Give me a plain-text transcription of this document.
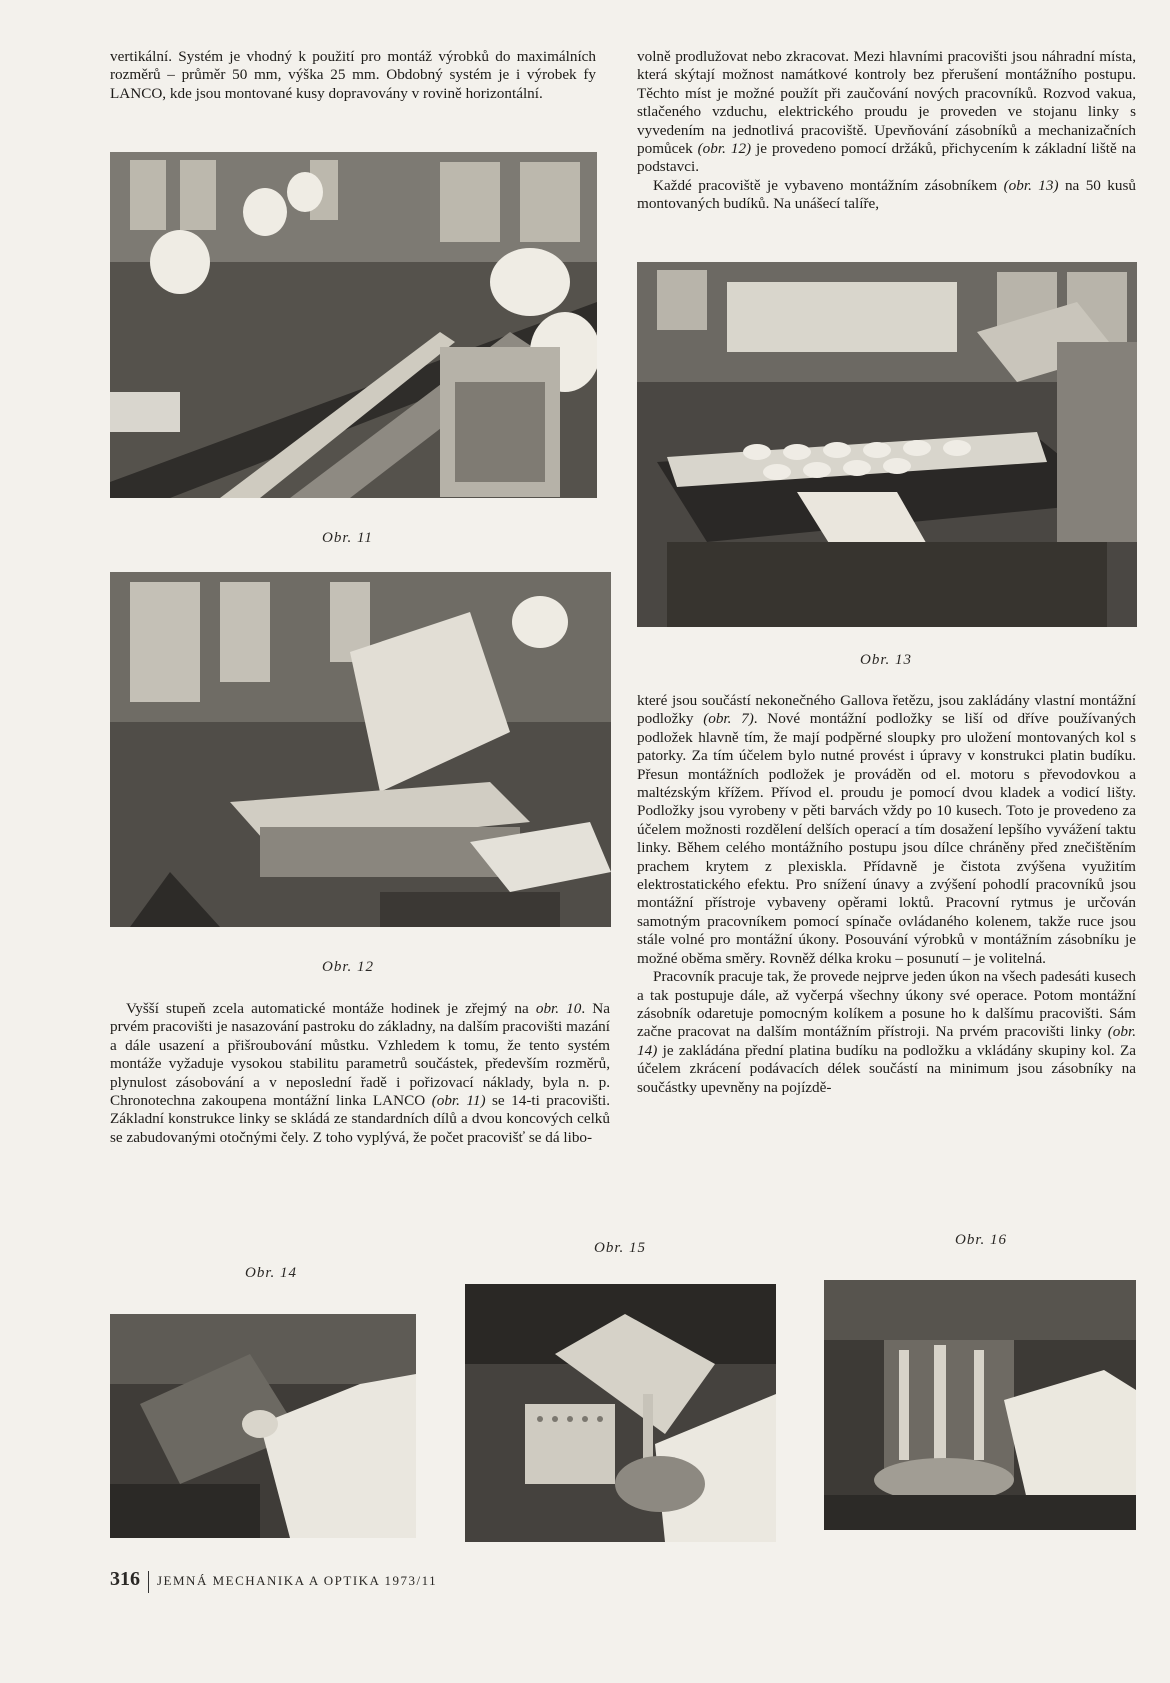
vertikální. Systém je vhodný k použití pro montáž výrobků do maximálních rozměrů – průměr 50 mm, výška 25 mm. Obdobný systém je i výrobek fy LANCO, kde jsou montované kusy dopravovány v rovině horizontální.

volně prodlužovat nebo zkracovat. Mezi hlavními pracovišti jsou náhradní místa, která skýtají možnost namátkové kontroly bez přerušení montážního postupu. Těchto míst je možné použít při zaučování nových pracovníků. Rozvod vakua, stlačeného vzduchu, elektrického proudu je proveden ve stojanu linky s vyvedením na jednotlivá pracoviště. Upevňování zásobníků a mechanizačních pomůcek (obr. 12) je provedeno pomocí držáků, přichycením k základní liště na podstavci.

Každé pracoviště je vybaveno montážním zásobníkem (obr. 13) na 50 kusů montovaných budíků. Na unášecí talíře,

Obr. 11
Obr. 13
Obr. 12

Vyšší stupeň zcela automatické montáže hodinek je zřejmý na obr. 10. Na prvém pracovišti je nasazování pastroku do základny, na dalším pracovišti mazání a dále usazení a přišroubování můstku. Vzhledem k tomu, že tento systém montáže vyžaduje vysokou stabilitu parametrů součástek, především rozměrů, plynulost zásobování a v neposlední řadě i pořizovací náklady, byla n. p. Chronotechna zakoupena montážní linka LANCO (obr. 11) se 14-ti pracovišti. Základní konstrukce linky se skládá ze standardních dílů a dvou koncových celků se zabudovanými otočnými čely. Z toho vyplývá, že počet pracovišť se dá libo-

které jsou součástí nekonečného Gallova řetězu, jsou zakládány vlastní montážní podložky (obr. 7). Nové montážní podložky se liší od dříve používaných podložek hlavně tím, že mají podpěrné sloupky pro uložení montovaných kol s patorky. Za tím účelem bylo nutné provést i úpravy v konstrukci platin budíku. Přesun montážních podložek je prováděn od el. motoru s převodovkou a maltézským křížem. Přívod el. proudu je pomocí dvou kladek a vodicí lišty. Podložky jsou vyrobeny v pěti barvách vždy po 10 kusech. Toto je provedeno za účelem možnosti rozdělení delších operací a tím dosažení lepšího vyvážení taktu linky. Během celého montážního postupu jsou dílce chráněny před znečištěním prachem krytem z plexiskla. Přídavně je čistota zvýšena využitím elektrostatického efektu. Pro snížení únavy a zvýšení pohodlí pracovníků jsou montážní přístroje vybaveny opěrami loktů. Pracovní rytmus je určován samotným pracovníkem pomocí spínače ovládaného kolenem, takže ruce jsou stále volné pro montážní úkony. Posouvání výrobků v montážním zásobníku je možné oběma směry. Rovněž délka kroku – posunutí – je volitelná.

Pracovník pracuje tak, že provede nejprve jeden úkon na všech padesáti kusech a tak postupuje dále, až vyčerpá všechny úkony své operace. Potom montážní zásobník odaretuje pomocným kolíkem a posune ho k dalšímu pracovišti. Sám začne pracovat na dalším montážním přístroji. Na prvém pracovišti linky (obr. 14) je zakládána přední platina budíku na podložku a vkládány skupiny kol. Za účelem zkrácení podávacích délek součástí na minimum jsou zásobníky na součástky upevněny na pojízdě-

Obr. 14
Obr. 15	Obr. 16
316 JEMNÁ MECHANIKA A OPTIKA 1973/11
